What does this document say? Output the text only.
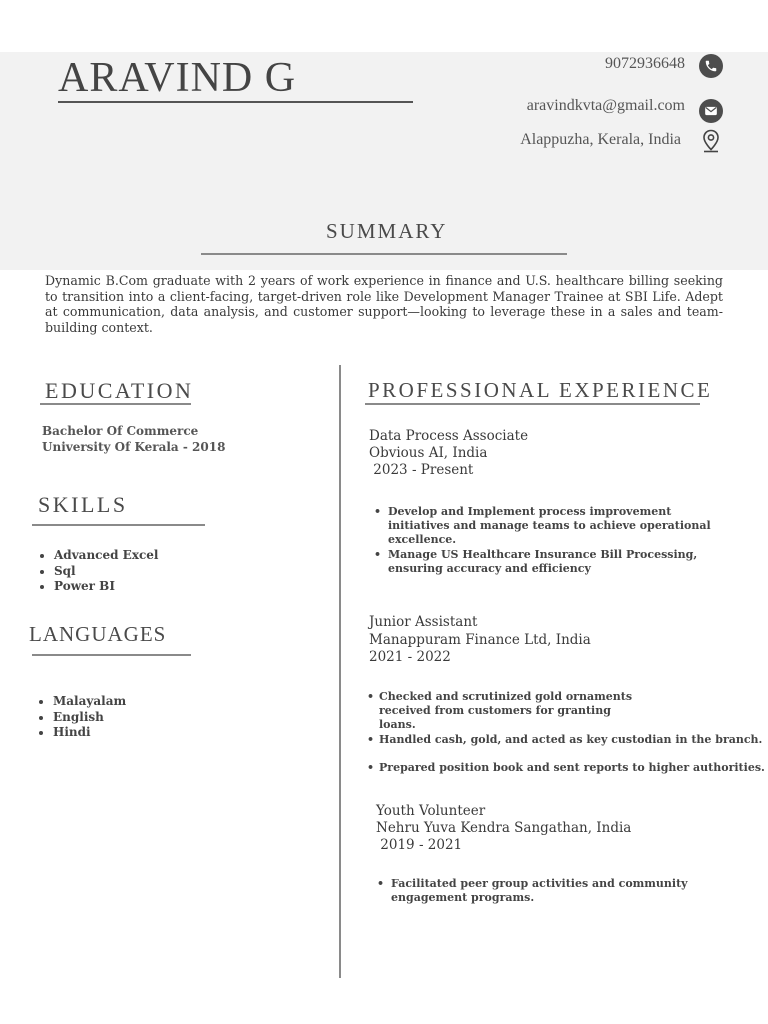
ARAVIND G	9072936648
aravindkvta@gmail.com
Alappuzha, Kerala, India
SUMMARY

Dynamic B.Com graduate with 2 years of work experience in finance and U.S. healthcare billing seeking to transition into a client-facing, target-driven role like Development Manager Trainee at SBI Life. Adept at communication, data analysis, and customer support—looking to leverage these in a sales and team-building context.

EDUCATION
Bachelor Of Commerce
University Of Kerala - 2018
SKILLS
• Advanced Excel
• Sql
• Power BI
LANGUAGES
• Malayalam
• English
• Hindi
PROFESSIONAL EXPERIENCE
Data Process Associate
Obvious AI, India
2023 - Present
• Develop and Implement process improvement initiatives and manage teams to achieve operational excellence.
• Manage US Healthcare Insurance Bill Processing, ensuring accuracy and efficiency
Junior Assistant
Manappuram Finance Ltd, India
2021 - 2022
• Checked and scrutinized gold ornaments received from customers for granting loans.
• Handled cash, gold, and acted as key custodian in the branch.
• Prepared position book and sent reports to higher authorities.
Youth Volunteer
Nehru Yuva Kendra Sangathan, India
2019 - 2021
• Facilitated peer group activities and community engagement programs.
